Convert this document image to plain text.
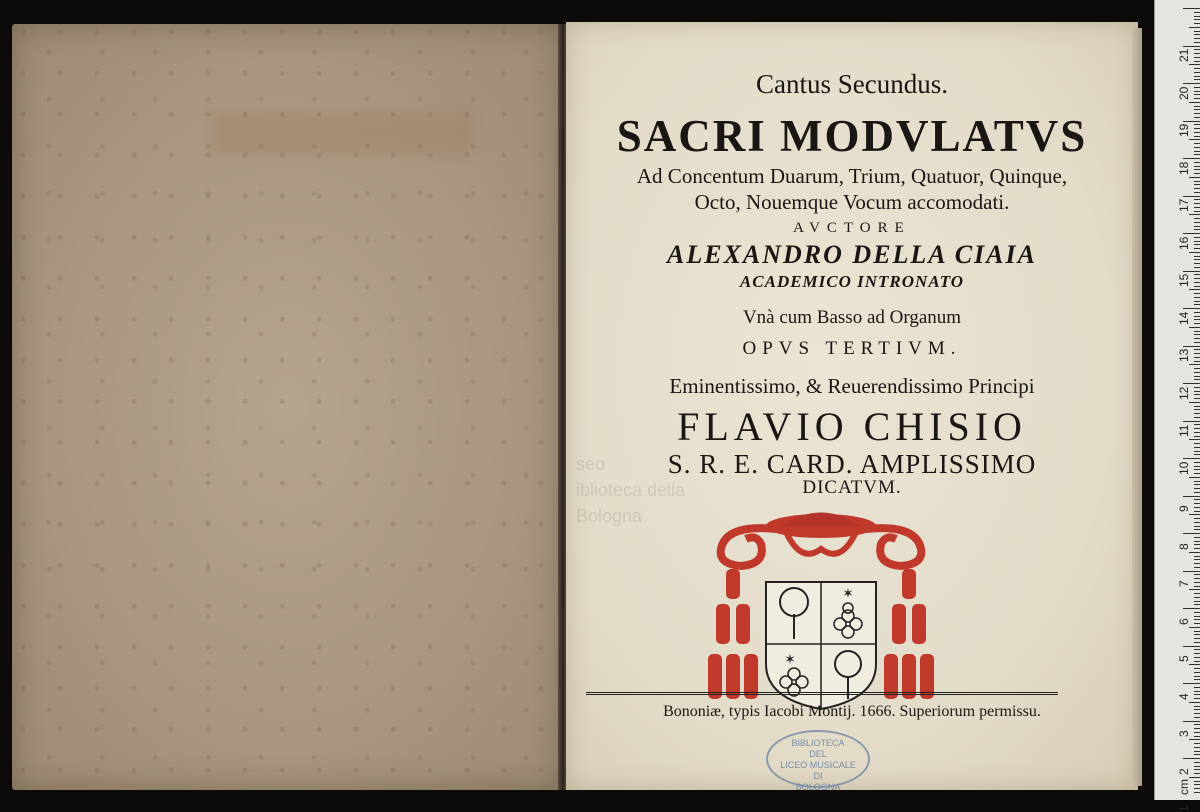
seo
iblioteca della
Bologna
Cantus Secundus.
SACRI MODVLATVS
Ad Concentum Duarum, Trium, Quatuor, Quinque,
Octo, Nouemque Vocum accomodati.
AVCTORE
ALEXANDRO DELLA CIAIA
ACADEMICO INTRONATO
Vnà cum Basso ad Organum
OPVS TERTIVM.
Eminentissimo, & Reuerendissimo Principi
FLAVIO CHISIO
S. R. E. CARD. AMPLISSIMO
DICATVM.
✶
✶
Bononiæ, typis Iacobi Montij. 1666. Superiorum permissu.
BIBLIOTECA
DEL
LICEO MUSICALE
DI
BOLOGNA
21
20
19
18
17
16
15
14
13
12
11
10
9
8
7
6
5
4
3
2
1
cm
